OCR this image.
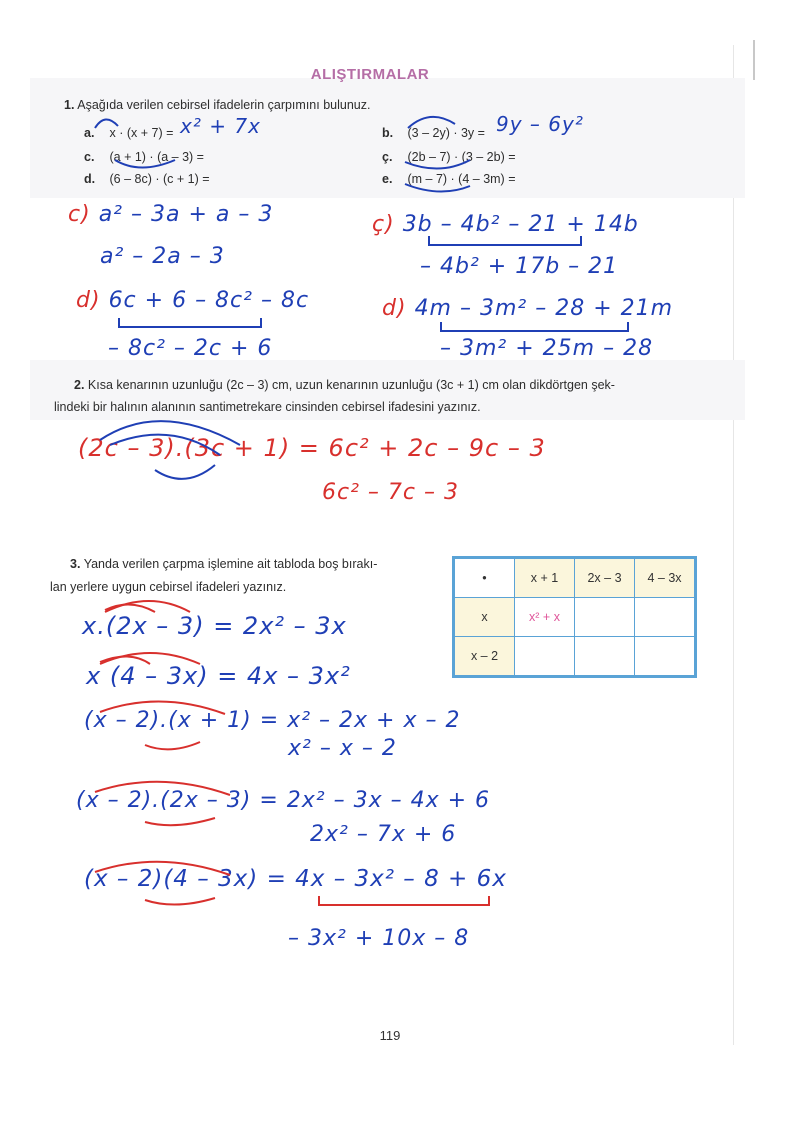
ALIŞTIRMALAR
1. Aşağıda verilen cebirsel ifadelerin çarpımını bulunuz.
a. x · (x + 7) = x² + 7x	b. (3 – 2y) · 3y = 9y – 6y²
c. (a + 1) · (a – 3) =	ç. (2b – 7) · (3 – 2b) =
d. (6 – 8c) · (c + 1) =	e. (m – 7) · (4 – 3m) =
c) a² – 3a + a – 3
a² – 2a – 3
d) 6c + 6 – 8c² – 8c
– 8c² – 2c + 6
ç) 3b – 4b² – 21 + 14b
– 4b² + 17b – 21
d) 4m – 3m² – 28 + 21m
– 3m² + 25m – 28
2. Kısa kenarının uzunluğu (2c – 3) cm, uzun kenarının uzunluğu (3c + 1) cm olan dikdörtgen şek-
lindeki bir halının alanının santimetrekare cinsinden cebirsel ifadesini yazınız.
(2c – 3).(3c + 1) = 6c² + 2c – 9c – 3
6c² – 7c – 3
3. Yanda verilen çarpma işlemine ait tabloda boş bırakı-
lan yerlere uygun cebirsel ifadeleri yazınız.
•	x + 1	2x – 3	4 – 3x
x	x² + x		
x – 2			
x.(2x – 3) = 2x² – 3x
x (4 – 3x) = 4x – 3x²
(x – 2).(x + 1) = x² – 2x + x – 2
x² – x – 2
(x – 2).(2x – 3) = 2x² – 3x – 4x + 6
2x² – 7x + 6
(x – 2)(4 – 3x) = 4x – 3x² – 8 + 6x
– 3x² + 10x – 8
119
